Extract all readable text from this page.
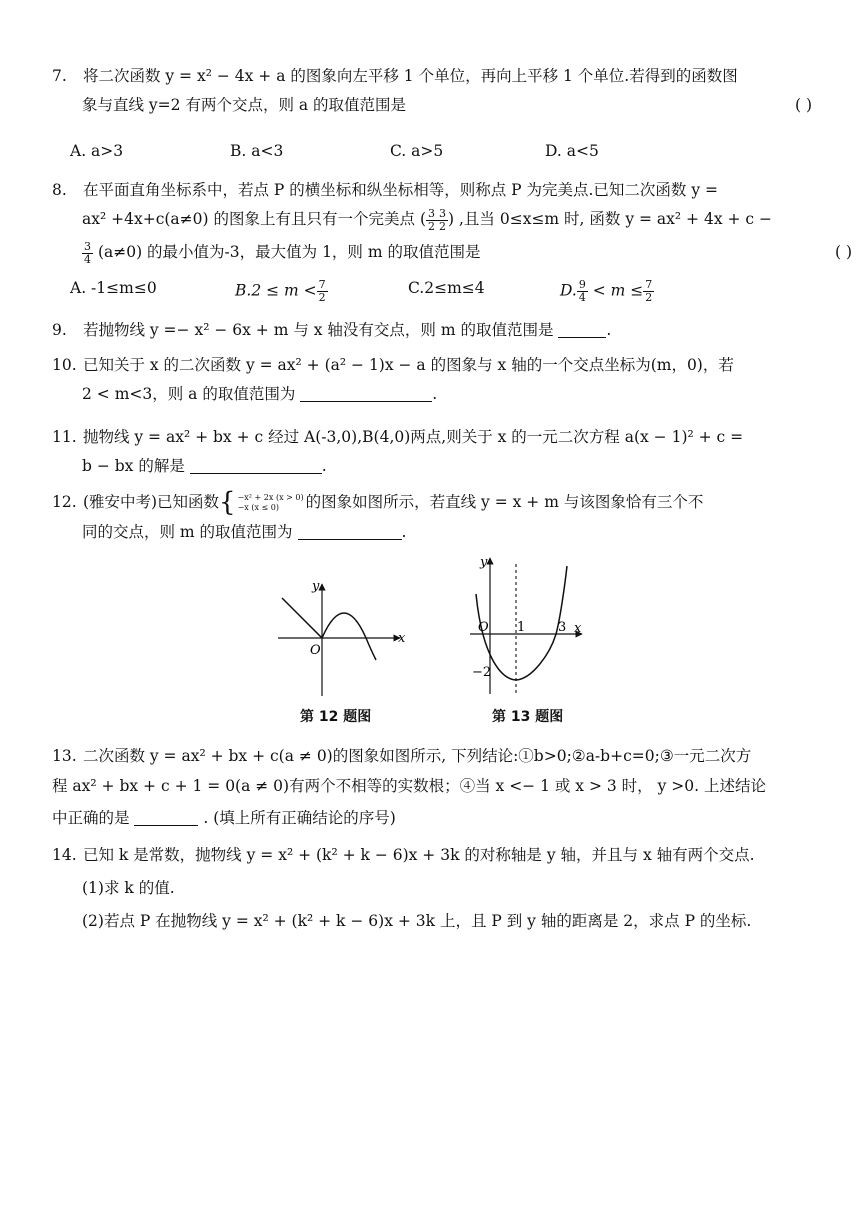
7. 将二次函数 y = x² − 4x + a 的图象向左平移 1 个单位，再向上平移 1 个单位.若得到的函数图
象与直线 y=2 有两个交点，则 a 的取值范围是	( )
A. a>3	B. a<3	C. a>5	D. a<5
8. 在平面直角坐标系中，若点 P 的横坐标和纵坐标相等，则称点 P 为完美点.已知二次函数 y =
ax² +4x+c(a≠0) 的图象上有且只有一个完美点 ( $\frac{3}{2} \frac{3}{2}$ ) ,且当 0≤x≤m 时, 函数 y = ax² + 4x + c −
$\frac{3}{4} (a\ne 0)$ 的最小值为-3，最大值为 1，则 m 的取值范围是	( )
A. -1≤m≤0	$B.2 \le m < \frac{7}{2}$	C.2≤m≤4	D. $\frac{9}{4} < m \le \frac{7}{2}$
9. 若抛物线 y =− x² − 6x + m 与 x 轴没有交点，则 m 的取值范围是	.
10. 已知关于 x 的二次函数 y = ax² + (a² − 1)x − a 的图象与 x 轴的一个交点坐标为(m，0)，若
2 < m<3，则 a 的取值范围为	.
11. 抛物线 y = ax² + bx + c 经过 A(-3,0),B(4,0)两点,则关于 x 的一元二次方程 a(x − 1)² + c =
b − bx 的解是	.
12. (雅安中考)已知函数{ −x² + 2x (x > 0)
−x (x ≤ 0)	的图象如图所示，若直线 y = x + m 与该图象恰有三个不
同的交点，则 m 的取值范围为	.
y
x
O
第 12 题图
y
x
O 1	3
−2
第 13 题图
13. 二次函数 y = ax² + bx + c(a ≠ 0)的图象如图所示, 下列结论:①b>0;②a-b+c=0;③一元二次方
程 ax² + bx + c + 1 = 0(a ≠ 0)有两个不相等的实数根；④当 x <− 1 或 x > 3 时， y >0. 上述结论
中正确的是	. (填上所有正确结论的序号)
14. 已知 k 是常数，抛物线 y = x² + (k² + k − 6)x + 3k 的对称轴是 y 轴，并且与 x 轴有两个交点.
(1)求 k 的值.
(2)若点 P 在抛物线 y = x² + (k² + k − 6)x + 3k 上，且 P 到 y 轴的距离是 2，求点 P 的坐标.
